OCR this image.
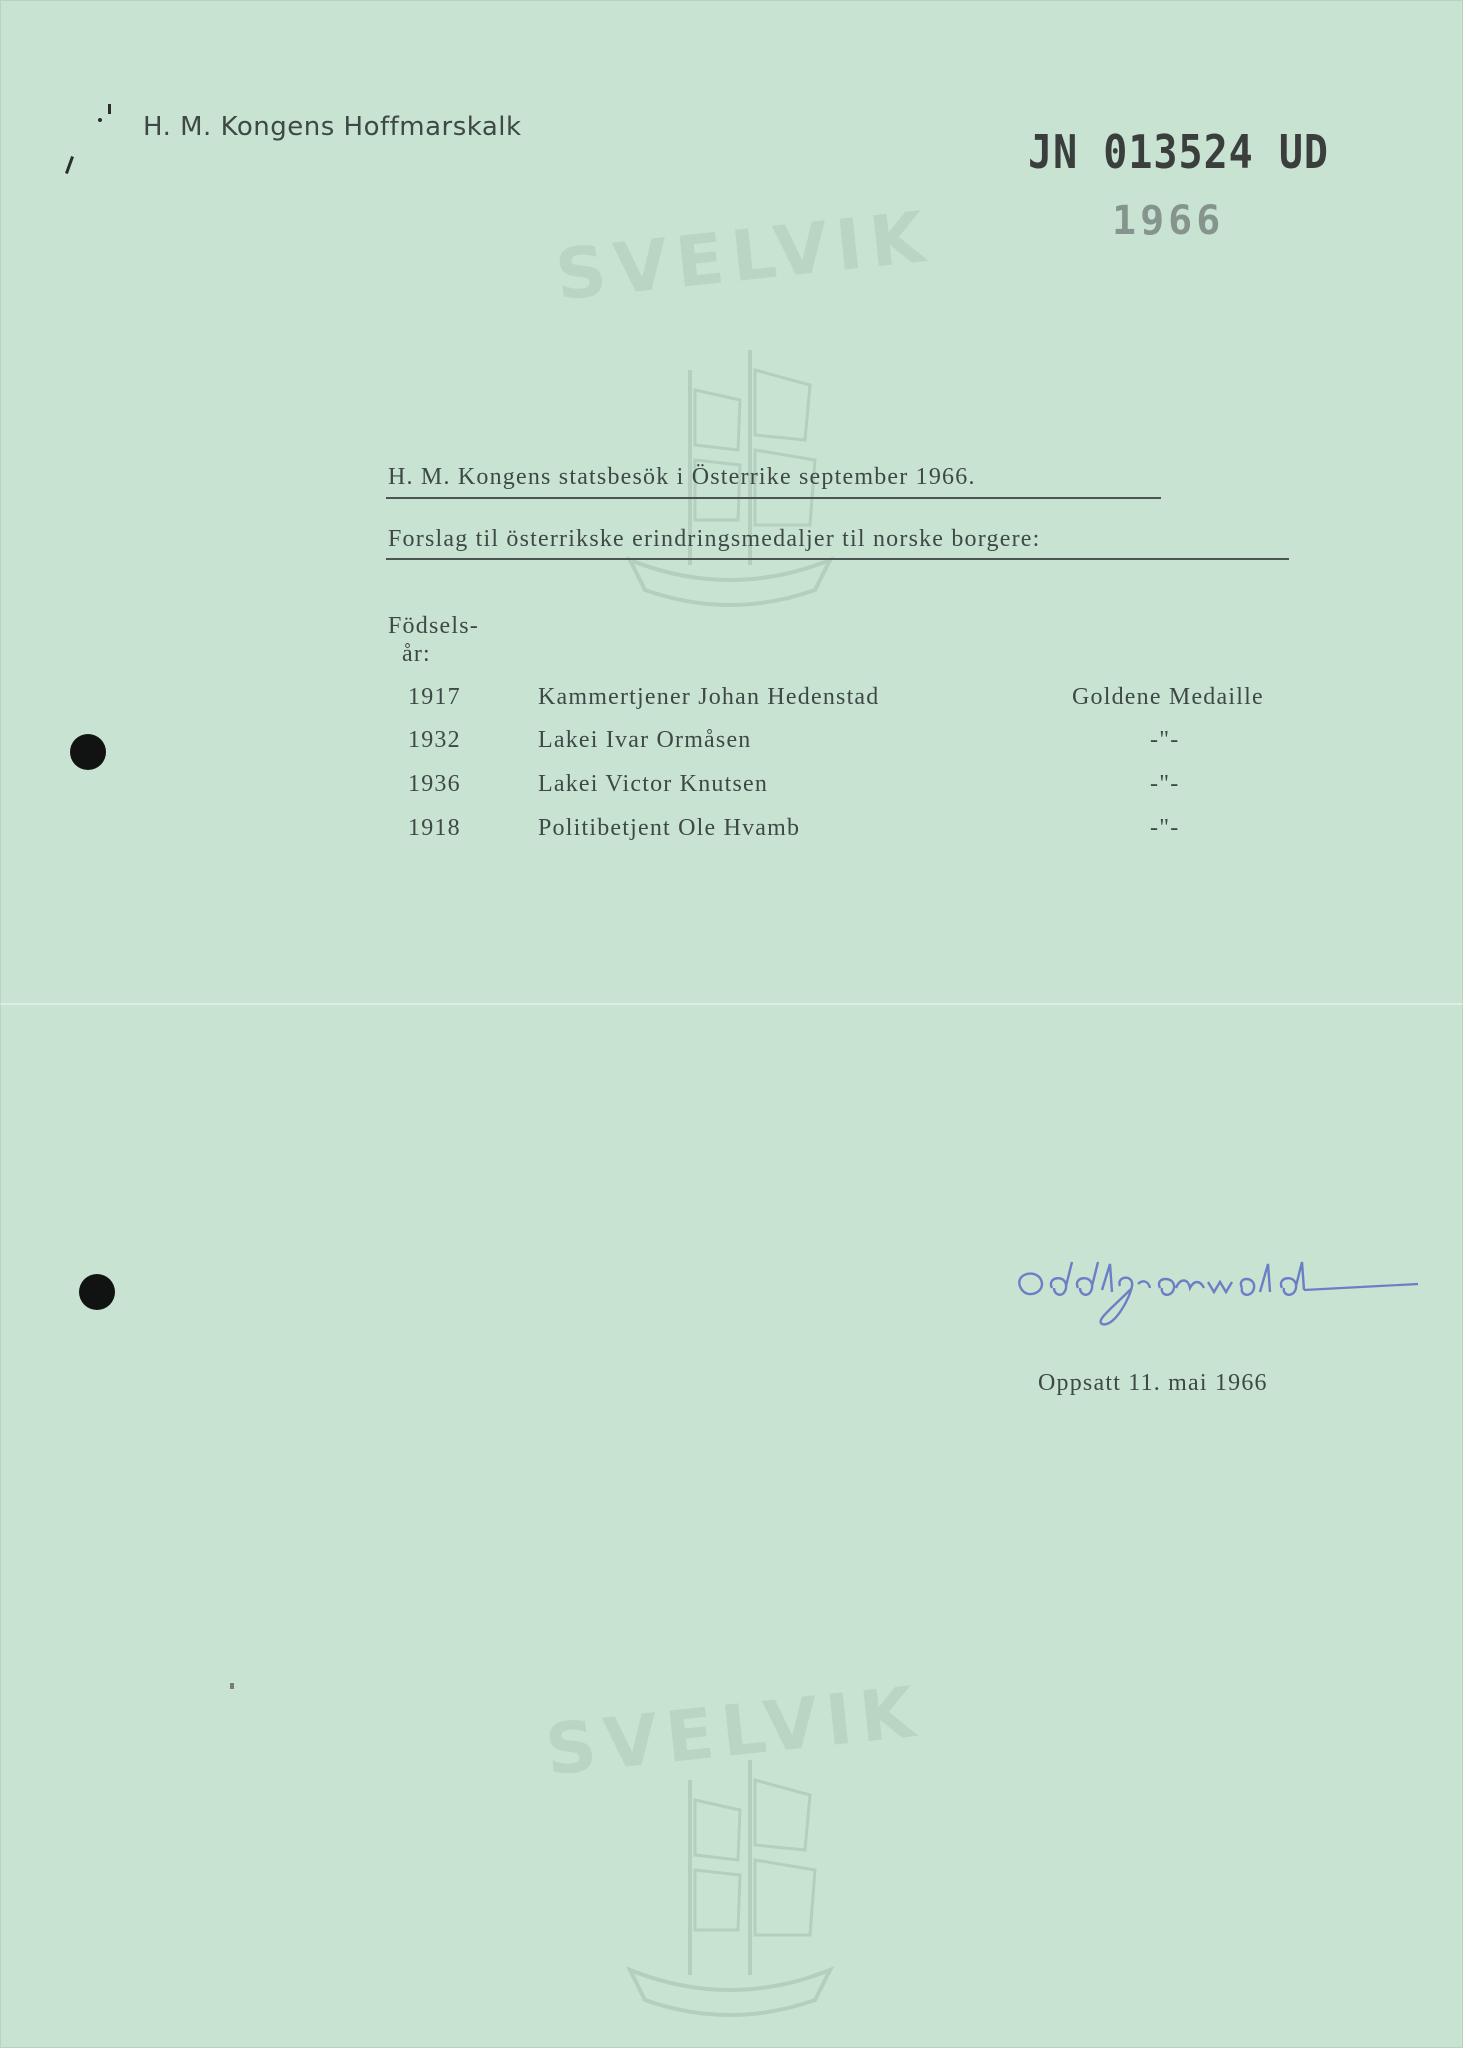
SVELVIK
SVELVIK
H. M. Kongens Hoffmarskalk	JN 013524 UD
1966
H. M. Kongens statsbesök i Österrike september 1966.
Forslag til österrikske erindringsmedaljer til norske borgere:
Födsels-
år:
1917	Kammertjener Johan Hedenstad	Goldene Medaille
1932	Lakei Ivar Ormåsen	-"-
1936	Lakei Victor Knutsen	-"-
1918	Politibetjent Ole Hvamb	-"-
Oppsatt 11. mai 1966
